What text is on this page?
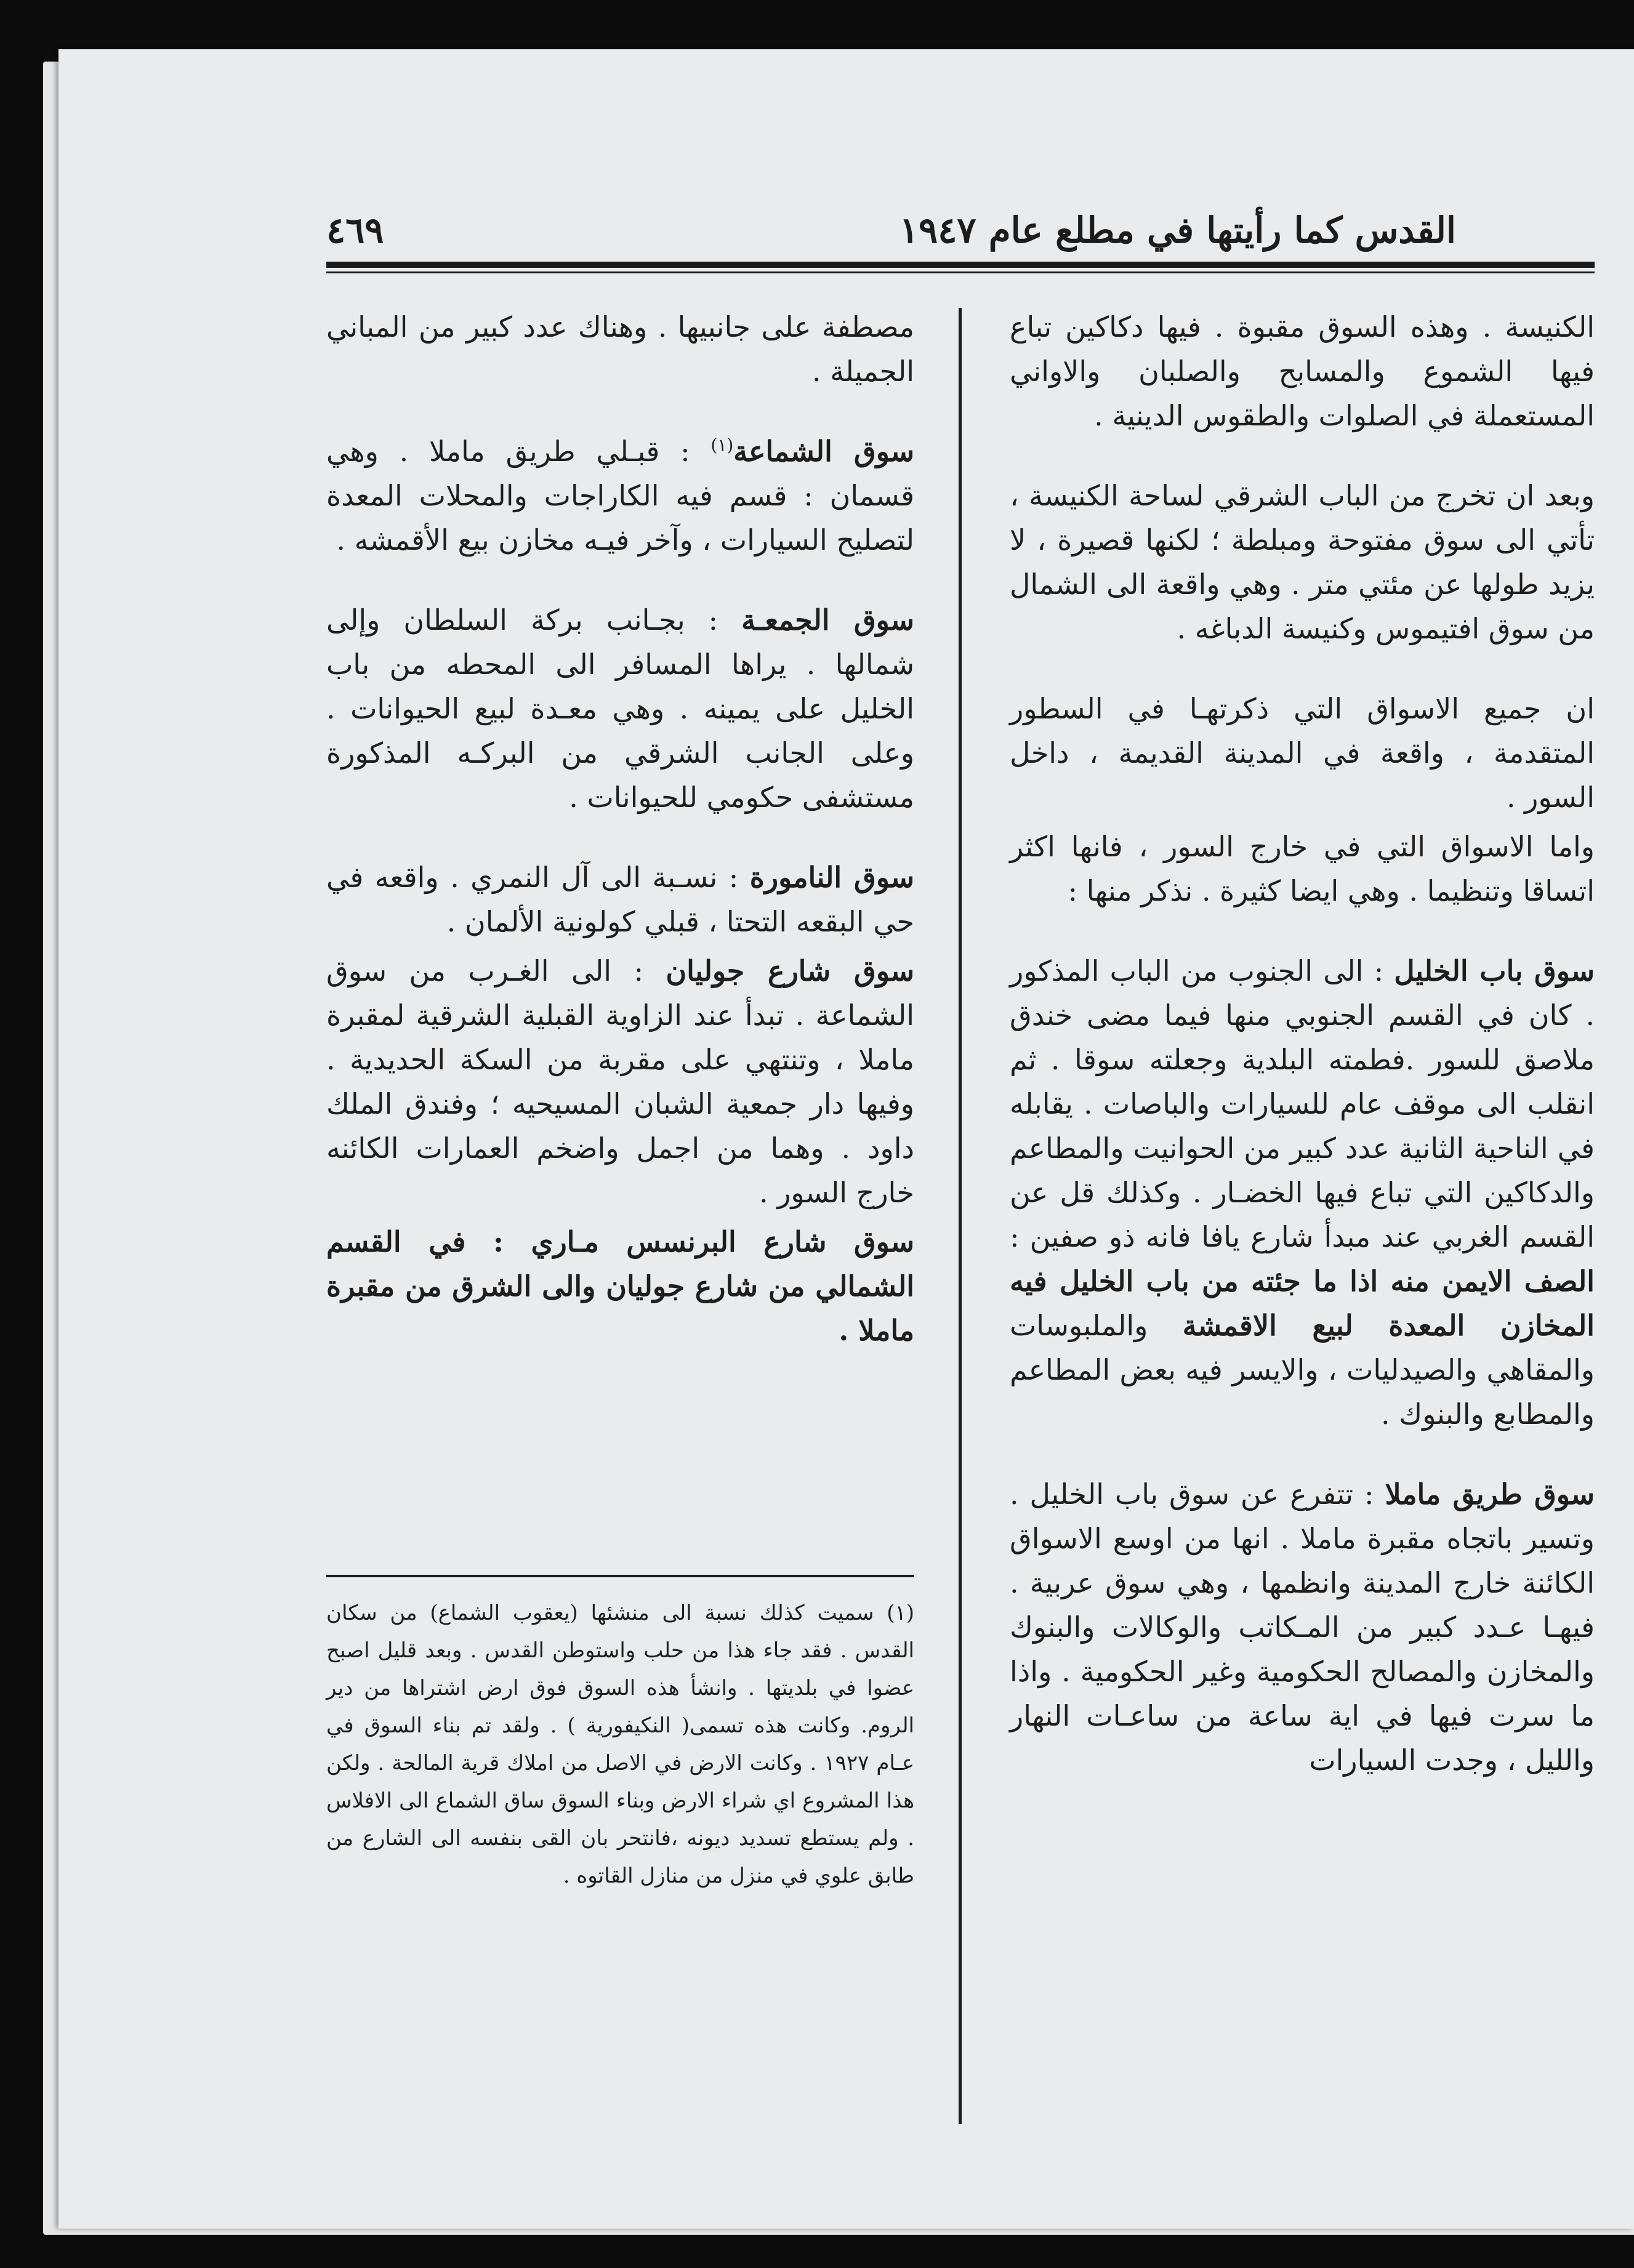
القدس كما رأيتها في مطلع عام ١٩٤٧
٤٦٩

الكنيسة . وهذه السوق مقبوة . فيها دكاكين تباع فيها الشموع والمسابح والصلبان والاواني المستعملة في الصلوات والطقوس الدينية .

وبعد ان تخرج من الباب الشرقي لساحة الكنيسة ، تأتي الى سوق مفتوحة ومبلطة ؛ لكنها قصيرة ، لا يزيد طولها عن مئتي متر . وهي واقعة الى الشمال من سوق افتيموس وكنيسة الدباغه .

ان جميع الاسواق التي ذكرتهـا في السطور المتقدمة ، واقعة في المدينة القديمة ، داخل السور .

واما الاسواق التي في خارج السور ، فانها اكثر اتساقا وتنظيما . وهي ايضا كثيرة . نذكر منها :

سوق باب الخليل : الى الجنوب من الباب المذكور . كان في القسم الجنوبي منها فيما مضى خندق ملاصق للسور .فطمته البلدية وجعلته سوقا . ثم انقلب الى موقف عام للسيارات والباصات . يقابله في الناحية الثانية عدد كبير من الحوانيت والمطاعم والدكاكين التي تباع فيها الخضـار . وكذلك قل عن القسم الغربي عند مبدأ شارع يافا فانه ذو صفين : الصف الايمن منه اذا ما جئته من باب الخليل فيه المخازن المعدة لبيع الاقمشة والملبوسات والمقاهي والصيدليات ، والايسر فيه بعض المطاعم والمطابع والبنوك .

سوق طريق ماملا : تتفرع عن سوق باب الخليل . وتسير باتجاه مقبرة ماملا . انها من اوسع الاسواق الكائنة خارج المدينة وانظمها ، وهي سوق عربية . فيهـا عـدد كبير من المـكاتب والوكالات والبنوك والمخازن والمصالح الحكومية وغير الحكومية . واذا ما سرت فيها في اية ساعة من ساعـات النهار والليل ، وجدت السيارات

مصطفة على جانبيها . وهناك عدد كبير من المباني الجميلة .

سوق الشماعة$^{(١)}$ : قبـلي طريق ماملا . وهي قسمان : قسم فيه الكاراجات والمحلات المعدة لتصليح السيارات ، وآخر فيـه مخازن بيع الأقمشه .

سوق الجمعـة : بجـانب بركة السلطان وإلى شمالها . يراها المسافر الى المحطه من باب الخليل على يمينه . وهي معـدة لبيع الحيوانات . وعلى الجانب الشرقي من البركـه المذكورة مستشفى حكومي للحيوانات .

سوق النامورة : نسـبة الى آل النمري . واقعه في حي البقعه التحتا ، قبلي كولونية الألمان .

سوق شارع جوليان : الى الغـرب من سوق الشماعة . تبدأ عند الزاوية القبلية الشرقية لمقبرة ماملا ، وتنتهي على مقربة من السكة الحديدية . وفيها دار جمعية الشبان المسيحيه ؛ وفندق الملك داود . وهما من اجمل واضخم العمارات الكائنه خارج السور .

سوق شارع البرنسس مـاري : في القسم الشمالي من شارع جوليان والى الشرق من مقبرة ماملا .

(١) سميت كذلك نسبة الى منشئها (يعقوب الشماع) من سكان القدس . فقد جاء هذا من حلب واستوطن القدس . وبعد قليل اصبح عضوا في بلديتها . وانشأ هذه السوق فوق ارض اشتراها من دير الروم. وكانت هذه تسمى( النكيفورية ) . ولقد تم بناء السوق في عـام ١٩٢٧ . وكانت الارض في الاصل من املاك قرية المالحة . ولكن هذا المشروع اي شراء الارض وبناء السوق ساق الشماع الى الافلاس . ولم يستطع تسديد ديونه ،فانتحر بان القى بنفسه الى الشارع من طابق علوي في منزل من منازل القاتوه .
